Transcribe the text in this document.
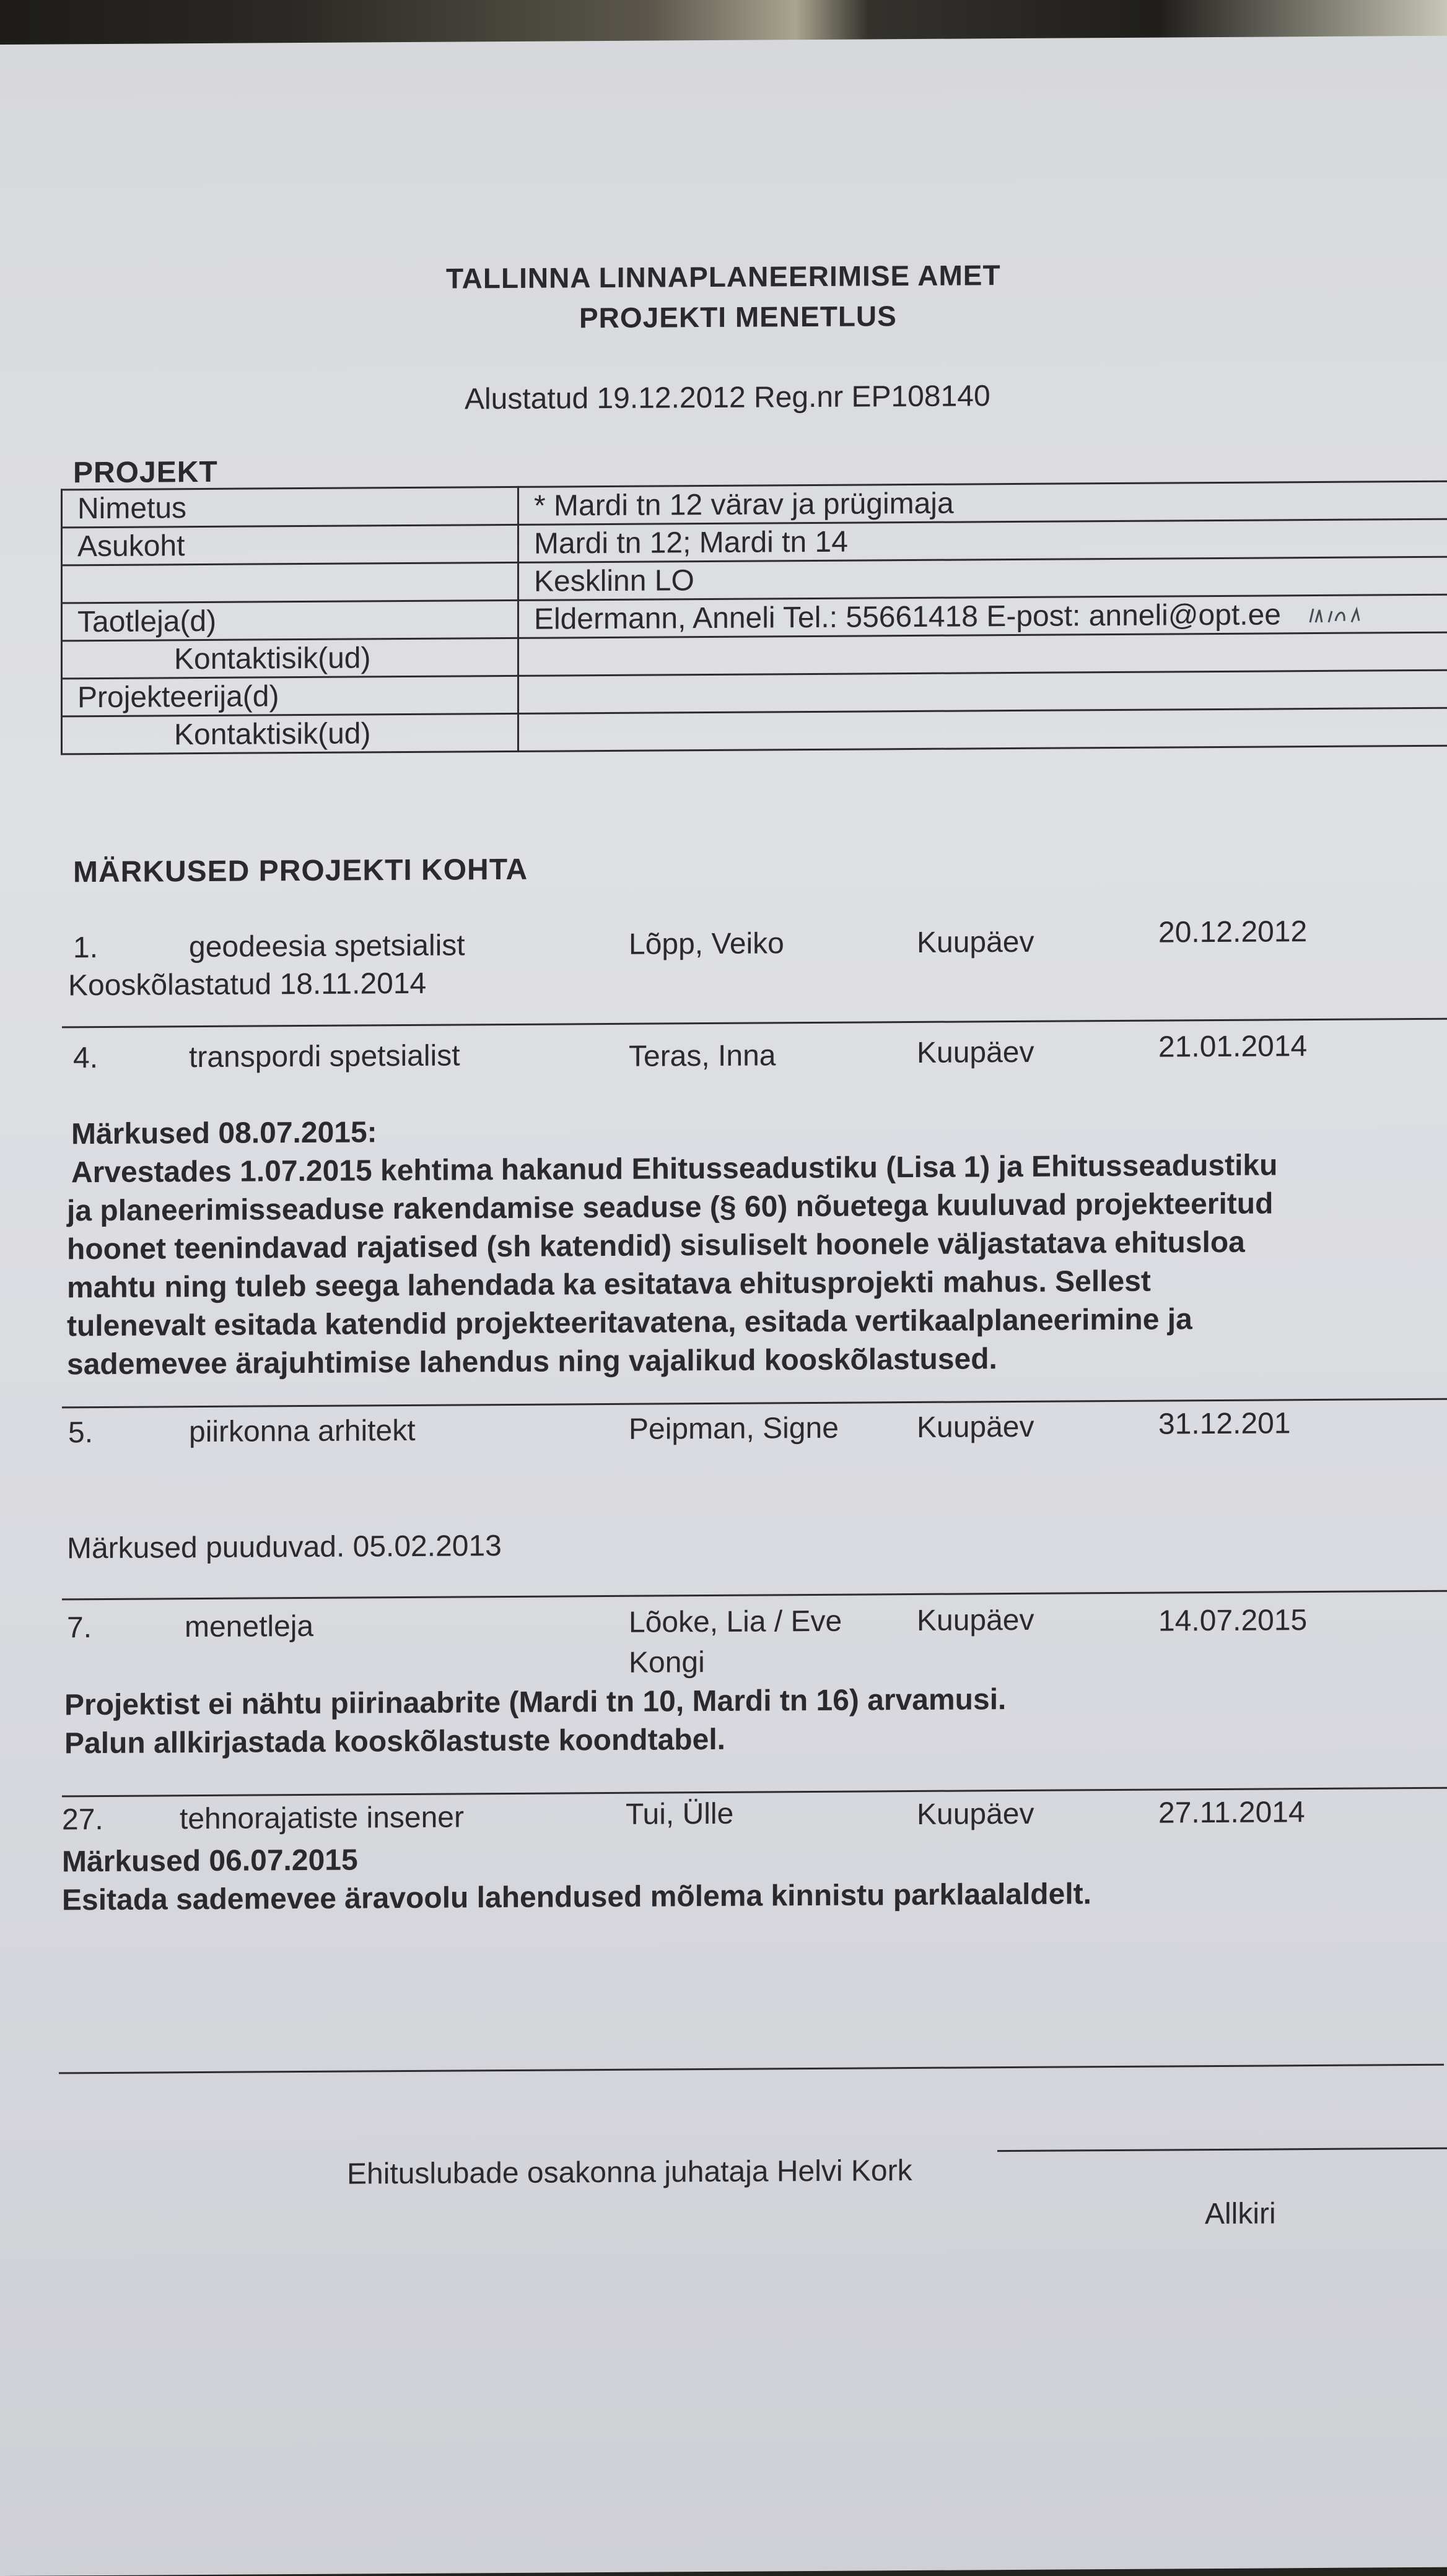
TALLINNA LINNAPLANEERIMISE AMET
PROJEKTI MENETLUS
Alustatud 19.12.2012 Reg.nr EP108140
PROJEKT
Nimetus	* Mardi tn 12 värav ja prügimaja
Asukoht	Mardi tn 12; Mardi tn 14
	Kesklinn LO
Taotleja(d)	Eldermann, Anneli Tel.: 55661418 E-post: anneli@opt.ee
Kontaktisik(ud)	
Projekteerija(d)	
Kontaktisik(ud)	
MÄRKUSED PROJEKTI KOHTA
1.	geodeesia spetsialist	Lõpp, Veiko	Kuupäev	20.12.2012
Kooskõlastatud 18.11.2014
4.	transpordi spetsialist	Teras, Inna	Kuupäev	21.01.2014
Märkused 08.07.2015:
Arvestades 1.07.2015 kehtima hakanud Ehitusseadustiku (Lisa 1) ja Ehitusseadustiku
ja planeerimisseaduse rakendamise seaduse (§ 60) nõuetega kuuluvad projekteeritud
hoonet teenindavad rajatised (sh katendid) sisuliselt hoonele väljastatava ehitusloa
mahtu ning tuleb seega lahendada ka esitatava ehitusprojekti mahus. Sellest
tulenevalt esitada katendid projekteeritavatena, esitada vertikaalplaneerimine ja
sademevee ärajuhtimise lahendus ning vajalikud kooskõlastused.
5.	piirkonna arhitekt	Peipman, Signe	Kuupäev	31.12.201
Märkused puuduvad. 05.02.2013
7.	menetleja	Lõoke, Lia / Eve
Kongi
Kuupäev	14.07.2015
Projektist ei nähtu piirinaabrite (Mardi tn 10, Mardi tn 16) arvamusi.
Palun allkirjastada kooskõlastuste koondtabel.
27.	tehnorajatiste insener	Tui, Ülle	Kuupäev	27.11.2014
Märkused 06.07.2015
Esitada sademevee äravoolu lahendused mõlema kinnistu parklaalaldelt.
Ehituslubade osakonna juhataja Helvi Kork
Allkiri
